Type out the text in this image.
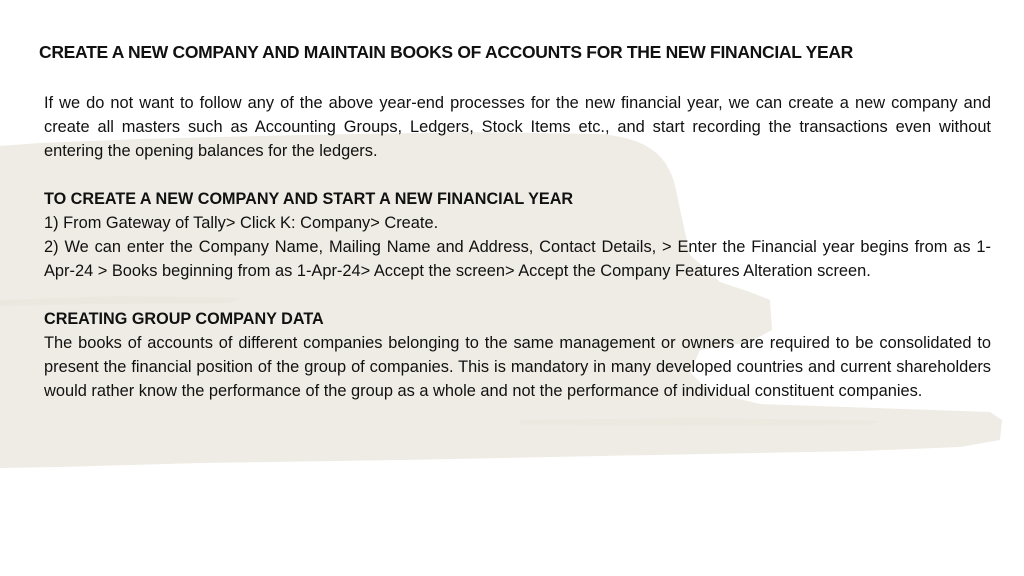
CREATE A NEW COMPANY AND MAINTAIN BOOKS OF ACCOUNTS FOR THE NEW FINANCIAL YEAR

If we do not want to follow any of the above year-end processes for the new financial year, we can create a new company and create all masters such as Accounting Groups, Ledgers, Stock Items etc., and start recording the transactions even without entering the opening balances for the ledgers.

TO CREATE A NEW COMPANY AND START A NEW FINANCIAL YEAR

1) From Gateway of Tally> Click K: Company> Create.

2) We can enter the Company Name, Mailing Name and Address, Contact Details, > Enter the Financial year begins from as 1-Apr-24 > Books beginning from as 1-Apr-24> Accept the screen> Accept the Company Features Alteration screen.

CREATING GROUP COMPANY DATA

The books of accounts of different companies belonging to the same management or owners are required to be consolidated to present the financial position of the group of companies. This is mandatory in many developed countries and current shareholders would rather know the performance of the group as a whole and not the performance of individual constituent companies.
